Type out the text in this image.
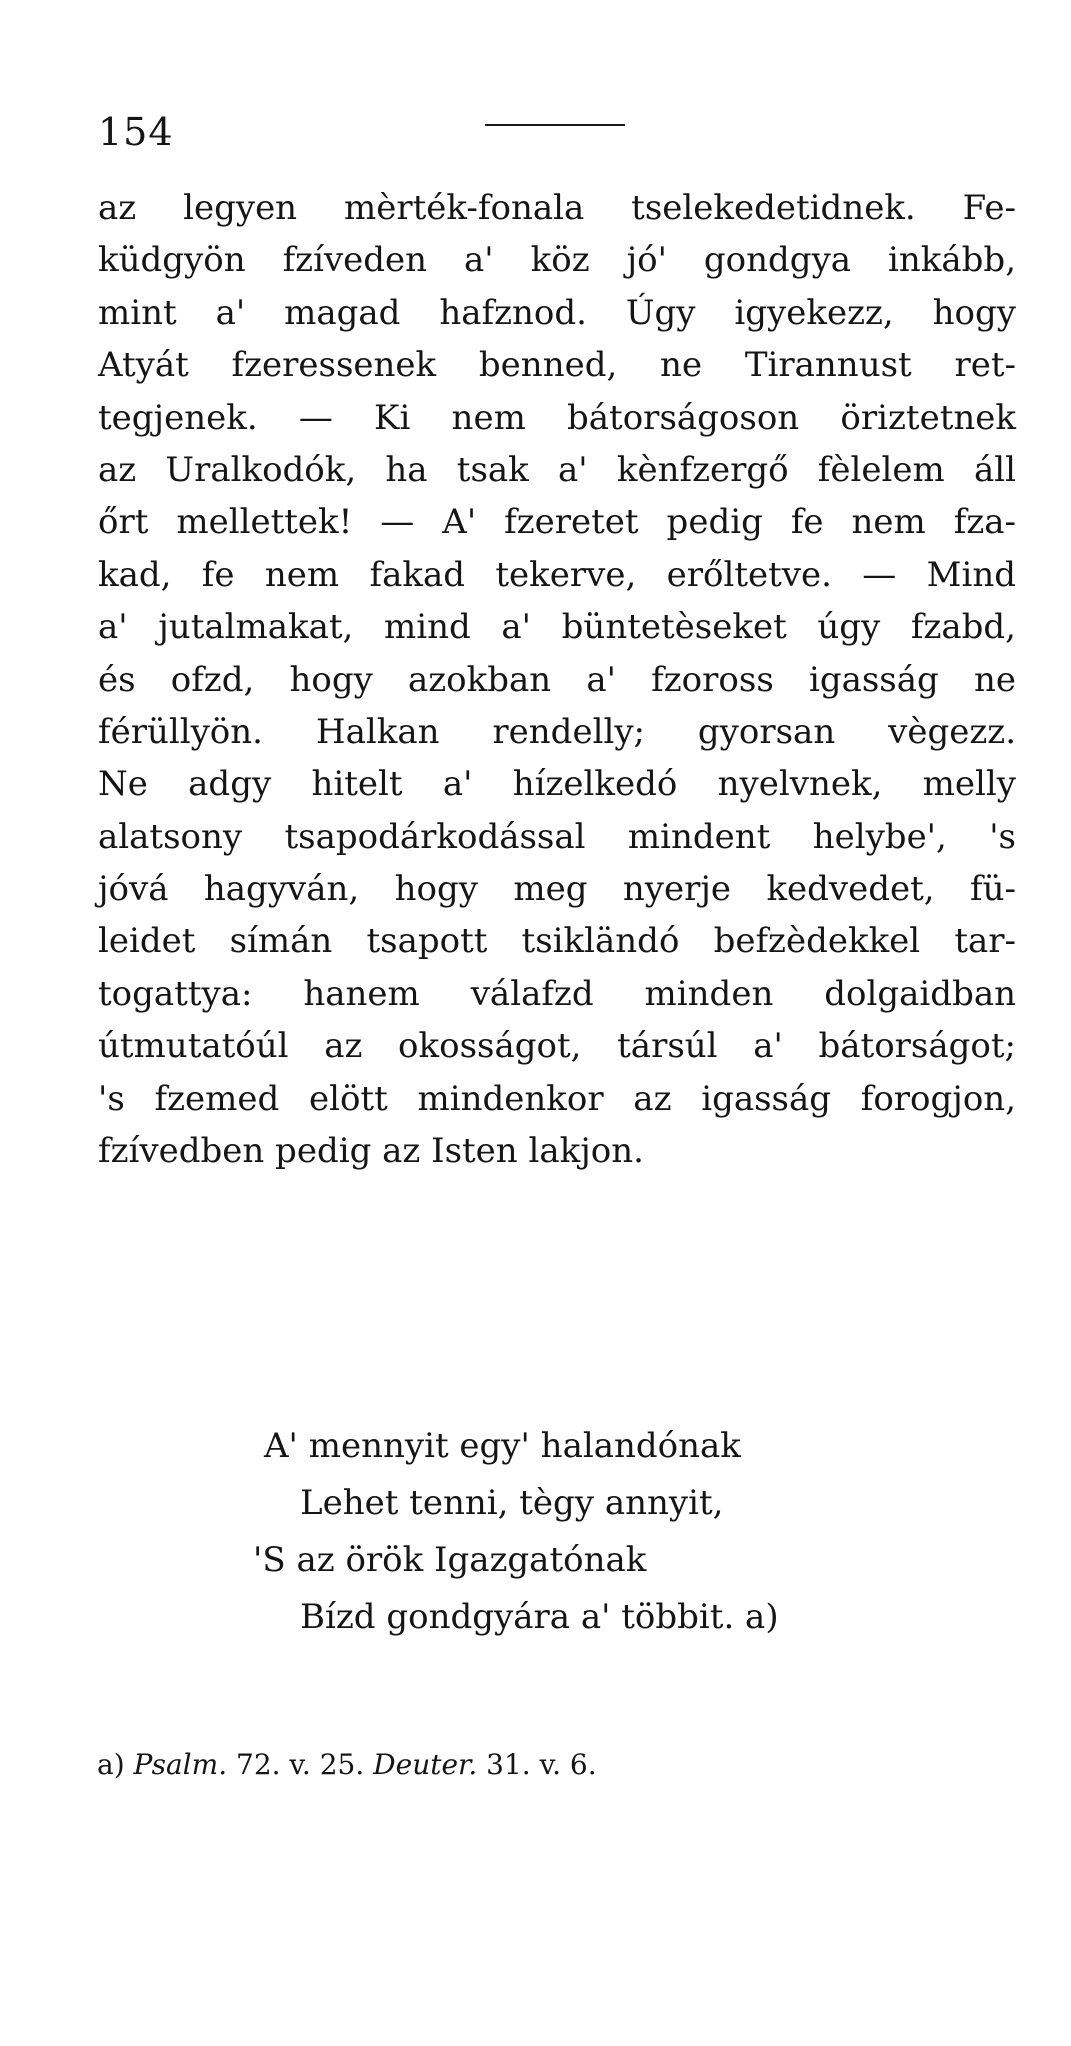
154
az legyen mèrték-fonala tselekedetidnek. Fe-
küdgyön fzíveden a' köz jó' gondgya inkább,
mint a' magad hafznod. Úgy igyekezz, hogy
Atyát fzeressenek benned, ne Tirannust ret-
tegjenek. — Ki nem bátorságoson öriztetnek
az Uralkodók, ha tsak a' kènfzergő fèlelem áll
őrt mellettek! — A' fzeretet pedig fe nem fza-
kad, fe nem fakad tekerve, erőltetve. — Mind
a' jutalmakat, mind a' büntetèseket úgy fzabd,
és ofzd, hogy azokban a' fzoross igasság ne
férüllyön. Halkan rendelly; gyorsan vègezz.
Ne adgy hitelt a' hízelkedó nyelvnek, melly
alatsony tsapodárkodással mindent helybe', 's
jóvá hagyván, hogy meg nyerje kedvedet, fü-
leidet símán tsapott tsikländó befzèdekkel tar-
togattya: hanem válafzd minden dolgaidban
útmutatóúl az okosságot, társúl a' bátorságot;
's fzemed elött mindenkor az igasság forogjon,
fzívedben pedig az Isten lakjon.
A' mennyit egy' halandónak
Lehet tenni, tègy annyit,
'S az örök Igazgatónak
Bízd gondgyára a' többit. a)
a) Psalm. 72. v. 25. Deuter. 31. v. 6.
